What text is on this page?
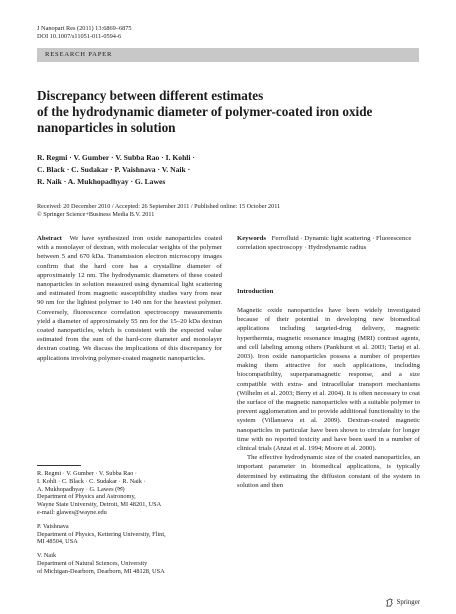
J Nanopart Res (2011) 13:6869–6875
DOI 10.1007/s11051-011-0594-6
RESEARCH PAPER
Discrepancy between different estimates
of the hydrodynamic diameter of polymer-coated iron oxide
nanoparticles in solution
R. Regmi · V. Gumber · V. Subba Rao · I. Kohli ·
C. Black · C. Sudakar · P. Vaishnava · V. Naik ·
R. Naik · A. Mukhopadhyay · G. Lawes
Received: 20 December 2010 / Accepted: 26 September 2011 / Published online: 15 October 2011
© Springer Science+Business Media B.V. 2011
Abstract We have synthesized iron oxide nanoparticles coated with a monolayer of dextran, with molecular weights of the polymer between 5 and 670 kDa. Transmission electron microscopy images confirm that the hard core has a crystalline diameter of approximately 12 nm. The hydrodynamic diameters of these coated nanoparticles in solution measured using dynamical light scattering and estimated from magnetic susceptibility studies vary from near 90 nm for the lightest polymer to 140 nm for the heaviest polymer. Conversely, fluorescence correlation spectroscopy measurements yield a diameter of approximately 55 nm for the 15–20 kDa dextran coated nanoparticles, which is consistent with the expected value estimated from the sum of the hard-core diameter and monolayer dextran coating. We discuss the implications of this discrepancy for applications involving polymer-coated magnetic nanoparticles.
R. Regmi · V. Gumber · V. Subba Rao ·
I. Kohli · C. Black · C. Sudakar · R. Naik ·
A. Mukhopadhyay · G. Lawes (✉)
Department of Physics and Astronomy,
Wayne State University, Detroit, MI 48201, USA
e-mail: glawes@wayne.edu
P. Vaishnava
Department of Physics, Kettering University, Flint,
MI 48504, USA
V. Naik
Department of Natural Sciences, University
of Michigan-Dearborn, Dearborn, MI 48128, USA
Keywords Ferrofluid · Dynamic light scattering · Fluorescence correlation spectroscopy · Hydrodynamic radius
Introduction
Magnetic oxide nanoparticles have been widely investigated because of their potential in developing new biomedical applications including targeted-drug delivery, magnetic hyperthermia, magnetic resonance imaging (MRI) contrast agents, and cell labeling among others (Pankhurst et al. 2003; Tartaj et al. 2003). Iron oxide nanoparticles possess a number of properties making them attractive for such applications, including biocompatibility, superparamagnetic response, and a size compatible with extra- and intracellular transport mechanisms (Wilhelm et al. 2003; Berry et al. 2004). It is often necessary to coat the surface of the magnetic nanoparticles with a suitable polymer to prevent agglomeration and to provide additional functionality to the system (Villanueva et al. 2009). Dextran-coated magnetic nanoparticles in particular have been shown to circulate for longer time with no reported toxicity and have been used in a number of clinical trials (Anzai et al. 1994; Moore et al. 2000).
The effective hydrodynamic size of the coated nanoparticles, an important parameter in biomedical applications, is typically determined by estimating the diffusion constant of the system in solution and then
Springer
